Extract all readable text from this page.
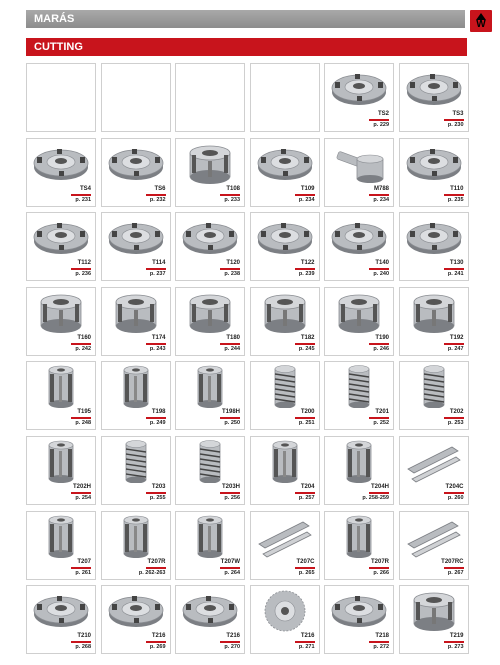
MARÁS
CUTTING
W
TS2
p. 229
TS3
p. 230
TS4
p. 231
TS6
p. 232
T108
p. 233
T109
p. 234
M788
p. 234
T110
p. 235
T112
p. 236
T114
p. 237
T120
p. 238
T122
p. 239
T140
p. 240
T130
p. 241
T160
p. 242
T174
p. 243
T180
p. 244
T182
p. 245
T190
p. 246
T192
p. 247
T195
p. 248
T198
p. 249
T198H
p. 250
T200
p. 251
T201
p. 252
T202
p. 253
T202H
p. 254
T203
p. 255
T203H
p. 256
T204
p. 257
T204H
p. 258-259
T204C
p. 260
T207
p. 261
T207R
p. 262-263
T207W
p. 264
T207C
p. 265
T207R
p. 266
T207RC
p. 267
T210
p. 268
T216
p. 269
T216
p. 270
T216
p. 271
T218
p. 272
T219
p. 273
